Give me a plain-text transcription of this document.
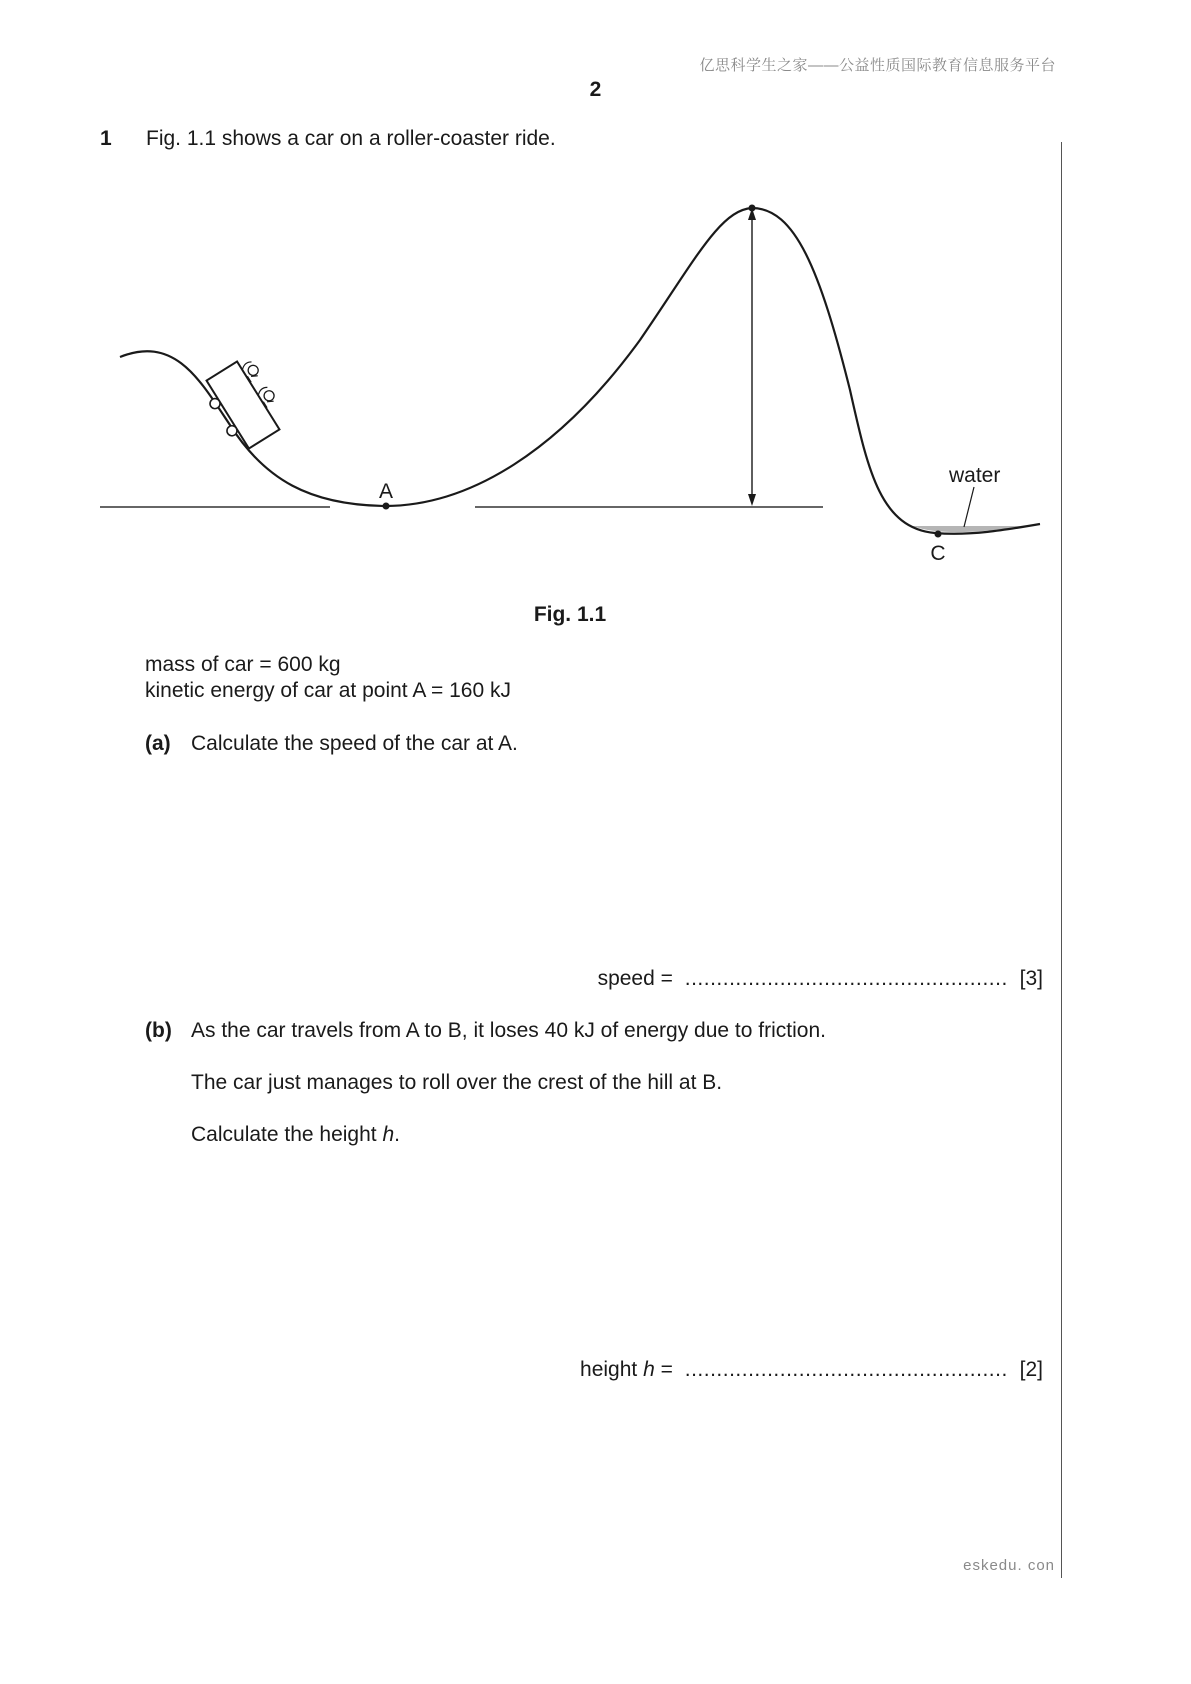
亿思科学生之家——公益性质国际教育信息服务平台
2
1 Fig. 1.1 shows a car on a roller-coaster ride.
A
C
water
Fig. 1.1
mass of car = 600 kg
kinetic energy of car at point A = 160 kJ
(a) Calculate the speed of the car at A.
speed = ................................................... [3]
(b) As the car travels from A to B, it loses 40 kJ of energy due to friction.
The car just manages to roll over the crest of the hill at B.
Calculate the height h.
height h = ................................................... [2]
eskedu. con
